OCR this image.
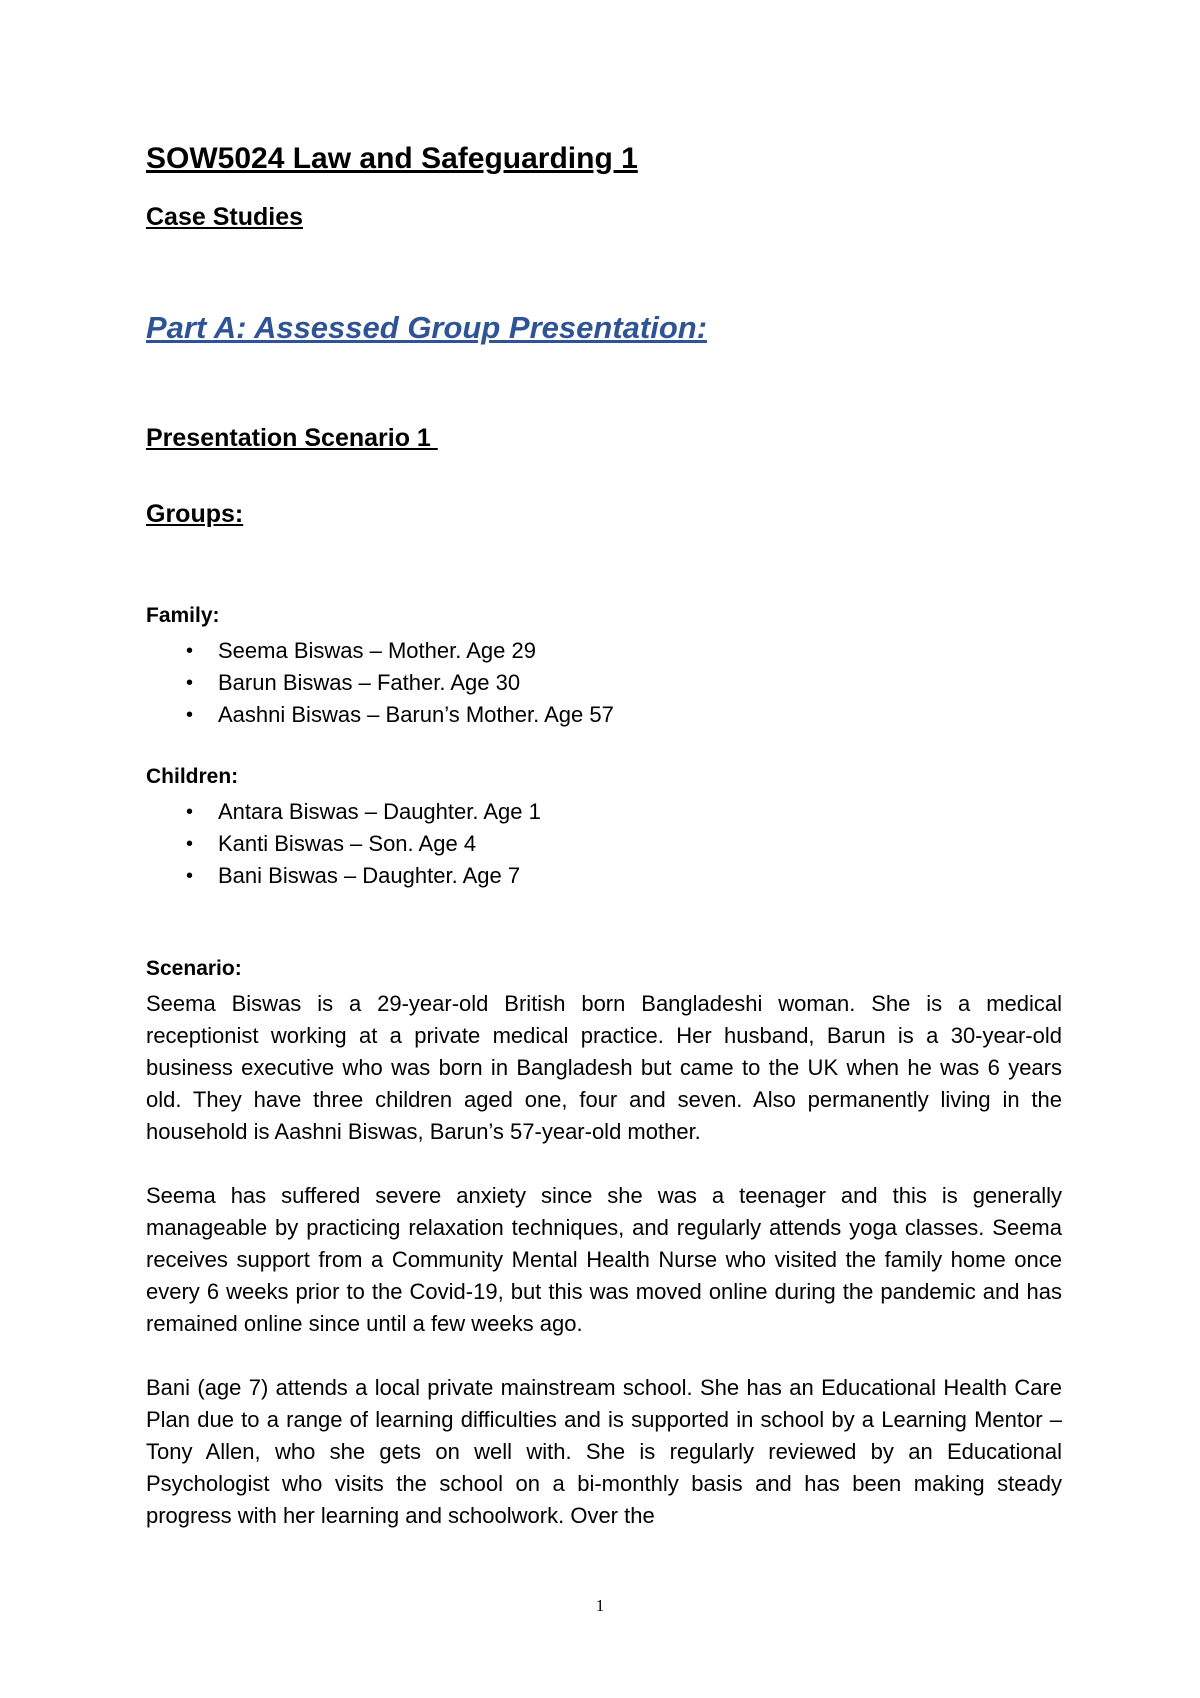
SOW5024 Law and Safeguarding 1
Case Studies
Part A: Assessed Group Presentation:
Presentation Scenario 1
Groups:
Family:
• Seema Biswas – Mother. Age 29
• Barun Biswas – Father. Age 30
• Aashni Biswas – Barun’s Mother. Age 57
Children:
• Antara Biswas – Daughter. Age 1
• Kanti Biswas – Son. Age 4
• Bani Biswas – Daughter. Age 7
Scenario:

Seema Biswas is a 29-year-old British born Bangladeshi woman. She is a medical receptionist working at a private medical practice. Her husband, Barun is a 30-year-old business executive who was born in Bangladesh but came to the UK when he was 6 years old. They have three children aged one, four and seven. Also permanently living in the household is Aashni Biswas, Barun’s 57-year-old mother.

Seema has suffered severe anxiety since she was a teenager and this is generally manageable by practicing relaxation techniques, and regularly attends yoga classes. Seema receives support from a Community Mental Health Nurse who visited the family home once every 6 weeks prior to the Covid-19, but this was moved online during the pandemic and has remained online since until a few weeks ago.

Bani (age 7) attends a local private mainstream school. She has an Educational Health Care Plan due to a range of learning difficulties and is supported in school by a Learning Mentor – Tony Allen, who she gets on well with. She is regularly reviewed by an Educational Psychologist who visits the school on a bi-monthly basis and has been making steady progress with her learning and schoolwork. Over the

1
